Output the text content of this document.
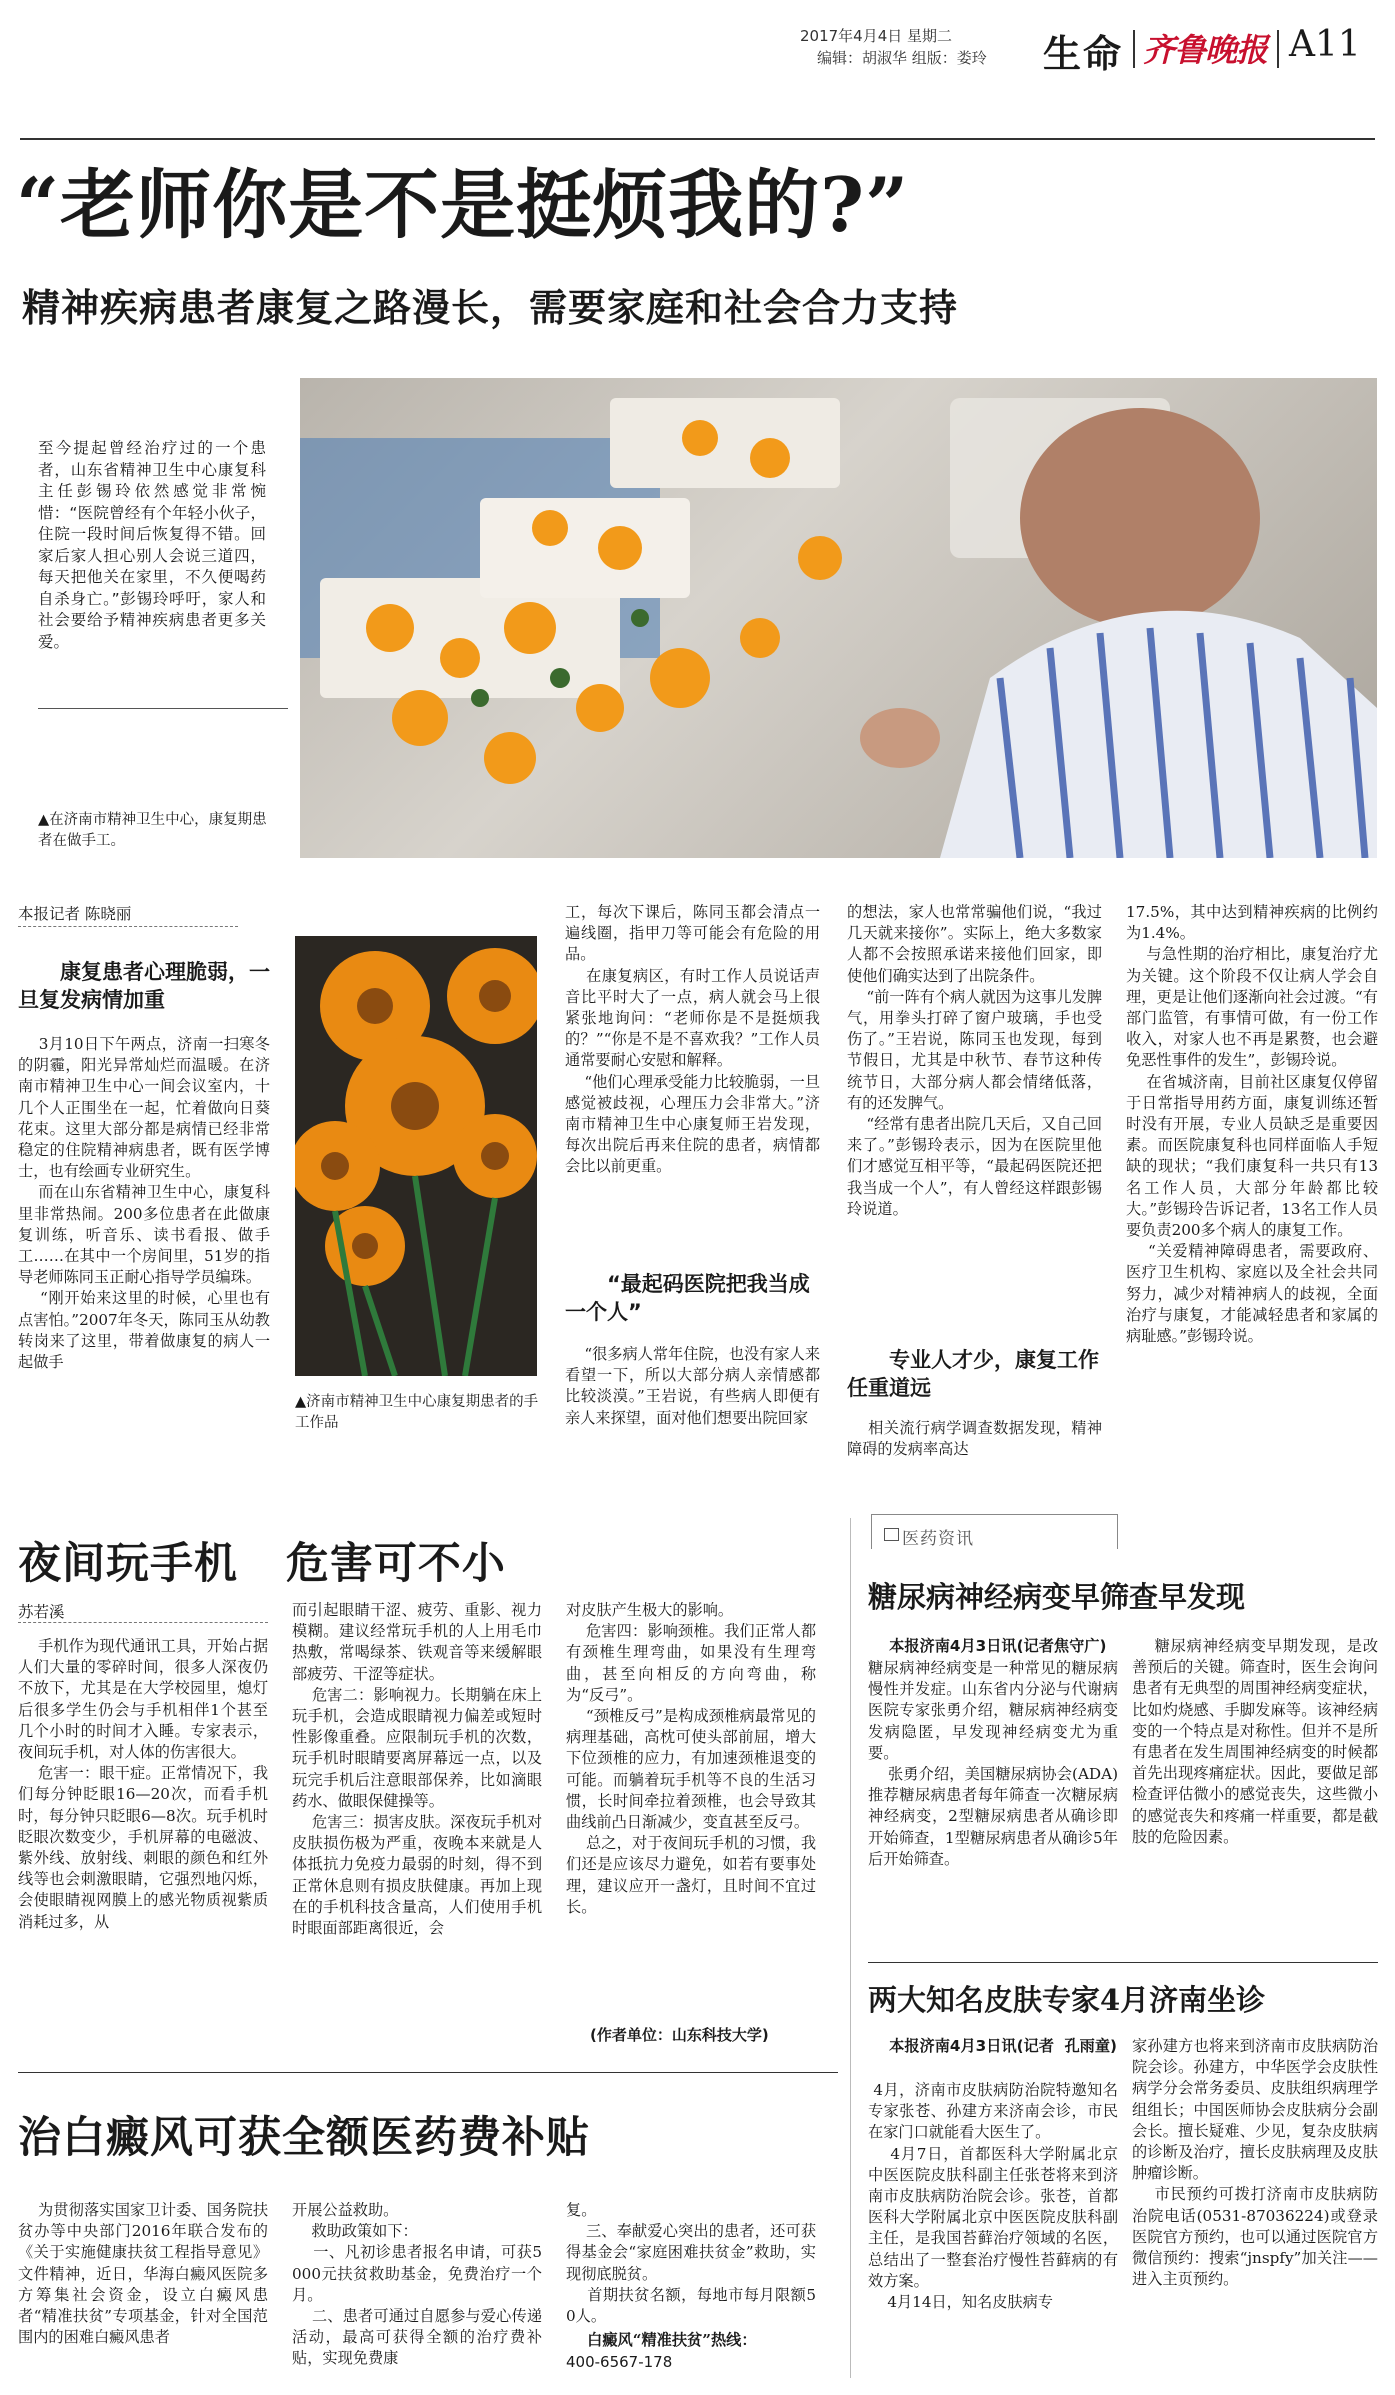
2017年4月4日 星期二
编辑：胡淑华 组版：娄玲 生命 齐鲁晚报 A11
“老师你是不是挺烦我的?”
精神疾病患者康复之路漫长，需要家庭和社会合力支持
至今提起曾经治疗过的一个患者，山东省精神卫生中心康复科主任彭锡玲依然感觉非常惋惜：“医院曾经有个年轻小伙子，住院一段时间后恢复得不错。回家后家人担心别人会说三道四，每天把他关在家里，不久便喝药自杀身亡。”彭锡玲呼吁，家人和社会要给予精神疾病患者更多关爱。
▲在济南市精神卫生中心，康复期患者在做手工。
本报记者 陈晓丽
康复患者心理脆弱，一旦复发病情加重
3月10日下午两点，济南一扫寒冬的阴霾，阳光异常灿烂而温暖。在济南市精神卫生中心一间会议室内，十几个人正围坐在一起，忙着做向日葵花束。这里大部分都是病情已经非常稳定的住院精神病患者，既有医学博士，也有绘画专业研究生。
而在山东省精神卫生中心，康复科里非常热闹。200多位患者在此做康复训练，听音乐、读书看报、做手工……在其中一个房间里，51岁的指导老师陈同玉正耐心指导学员编珠。
“刚开始来这里的时候，心里也有点害怕。”2007年冬天，陈同玉从幼教转岗来了这里，带着做康复的病人一起做手
▲济南市精神卫生中心康复期患者的手工作品
工，每次下课后，陈同玉都会清点一遍线圈，指甲刀等可能会有危险的用品。
在康复病区，有时工作人员说话声音比平时大了一点，病人就会马上很紧张地询问：“老师你是不是挺烦我的？”“你是不是不喜欢我？”工作人员通常要耐心安慰和解释。
“他们心理承受能力比较脆弱，一旦感觉被歧视，心理压力会非常大。”济南市精神卫生中心康复师王岩发现，每次出院后再来住院的患者，病情都会比以前更重。
“最起码医院把我当成一个人”
“很多病人常年住院，也没有家人来看望一下，所以大部分病人亲情感都比较淡漠。”王岩说，有些病人即便有亲人来探望，面对他们想要出院回家
的想法，家人也常常骗他们说，“我过几天就来接你”。实际上，绝大多数家人都不会按照承诺来接他们回家，即使他们确实达到了出院条件。
“前一阵有个病人就因为这事儿发脾气，用拳头打碎了窗户玻璃，手也受伤了。”王岩说，陈同玉也发现，每到节假日，尤其是中秋节、春节这种传统节日，大部分病人都会情绪低落，有的还发脾气。
“经常有患者出院几天后，又自己回来了。”彭锡玲表示，因为在医院里他们才感觉互相平等，“最起码医院还把我当成一个人”，有人曾经这样跟彭锡玲说道。
专业人才少，康复工作任重道远
相关流行病学调查数据发现，精神障碍的发病率高达
17.5%，其中达到精神疾病的比例约为1.4%。
与急性期的治疗相比，康复治疗尤为关键。这个阶段不仅让病人学会自理，更是让他们逐渐向社会过渡。“有部门监管，有事情可做，有一份工作收入，对家人也不再是累赘，也会避免恶性事件的发生”，彭锡玲说。
在省城济南，目前社区康复仅停留于日常指导用药方面，康复训练还暂时没有开展，专业人员缺乏是重要因素。而医院康复科也同样面临人手短缺的现状；“我们康复科一共只有13名工作人员，大部分年龄都比较大。”彭锡玲告诉记者，13名工作人员要负责200多个病人的康复工作。
“关爱精神障碍患者，需要政府、医疗卫生机构、家庭以及全社会共同努力，减少对精神病人的歧视，全面治疗与康复，才能减轻患者和家属的病耻感。”彭锡玲说。
医药资讯
糖尿病神经病变早筛查早发现
本报济南4月3日讯(记者焦守广)
糖尿病神经病变是一种常见的糖尿病慢性并发症。山东省内分泌与代谢病医院专家张勇介绍，糖尿病神经病变发病隐匿，早发现神经病变尤为重要。
张勇介绍，美国糖尿病协会(ADA)推荐糖尿病患者每年筛查一次糖尿病神经病变，2型糖尿病患者从确诊即开始筛查，1型糖尿病患者从确诊5年后开始筛查。
糖尿病神经病变早期发现，是改善预后的关键。筛查时，医生会询问患者有无典型的周围神经病变症状，比如灼烧感、手脚发麻等。该神经病变的一个特点是对称性。但并不是所有患者在发生周围神经病变的时候都首先出现疼痛症状。因此，要做足部检查评估微小的感觉丧失，这些微小的感觉丧失和疼痛一样重要，都是截肢的危险因素。
两大知名皮肤专家4月济南坐诊
本报济南4月3日讯(记者  孔雨童)
4月，济南市皮肤病防治院特邀知名专家张苍、孙建方来济南会诊，市民在家门口就能看大医生了。
4月7日，首都医科大学附属北京中医医院皮肤科副主任张苍将来到济南市皮肤病防治院会诊。张苍，首都医科大学附属北京中医医院皮肤科副主任，是我国苔藓治疗领域的名医，总结出了一整套治疗慢性苔藓病的有效方案。
4月14日，知名皮肤病专
家孙建方也将来到济南市皮肤病防治院会诊。孙建方，中华医学会皮肤性病学分会常务委员、皮肤组织病理学组组长；中国医师协会皮肤病分会副会长。擅长疑难、少见，复杂皮肤病的诊断及治疗，擅长皮肤病理及皮肤肿瘤诊断。
市民预约可拨打济南市皮肤病防治院电话(0531-87036224)或登录医院官方预约，也可以通过医院官方微信预约：搜索“jnspfy”加关注——进入主页预约。
夜间玩手机   危害可不小
苏若溪
手机作为现代通讯工具，开始占据人们大量的零碎时间，很多人深夜仍不放下，尤其是在大学校园里，熄灯后很多学生仍会与手机相伴1个甚至几个小时的时间才入睡。专家表示，夜间玩手机，对人体的伤害很大。
危害一：眼干症。正常情况下，我们每分钟眨眼16—20次，而看手机时，每分钟只眨眼6—8次。玩手机时眨眼次数变少，手机屏幕的电磁波、紫外线、放射线、刺眼的颜色和红外线等也会刺激眼睛，它强烈地闪烁，会使眼睛视网膜上的感光物质视紫质消耗过多，从
而引起眼睛干涩、疲劳、重影、视力模糊。建议经常玩手机的人上用毛巾热敷，常喝绿茶、铁观音等来缓解眼部疲劳、干涩等症状。
危害二：影响视力。长期躺在床上玩手机，会造成眼睛视力偏差或短时性影像重叠。应限制玩手机的次数，玩手机时眼睛要离屏幕远一点，以及玩完手机后注意眼部保养，比如滴眼药水、做眼保健操等。
危害三：损害皮肤。深夜玩手机对皮肤损伤极为严重，夜晚本来就是人体抵抗力免疫力最弱的时刻，得不到正常休息则有损皮肤健康。再加上现在的手机科技含量高，人们使用手机时眼面部距离很近，会
对皮肤产生极大的影响。
危害四：影响颈椎。我们正常人都有颈椎生理弯曲，如果没有生理弯曲，甚至向相反的方向弯曲，称为“反弓”。
“颈椎反弓”是构成颈椎病最常见的病理基础，高枕可使头部前屈，增大下位颈椎的应力，有加速颈椎退变的可能。而躺着玩手机等不良的生活习惯，长时间牵拉着颈椎，也会导致其曲线前凸日渐减少，变直甚至反弓。
总之，对于夜间玩手机的习惯，我们还是应该尽力避免，如若有要事处理，建议应开一盏灯，且时间不宜过长。
(作者单位：山东科技大学)
治白癜风可获全额医药费补贴
为贯彻落实国家卫计委、国务院扶贫办等中央部门2016年联合发布的《关于实施健康扶贫工程指导意见》文件精神，近日，华海白癜风医院多方筹集社会资金，设立白癜风患者“精准扶贫”专项基金，针对全国范围内的困难白癜风患者
开展公益救助。
救助政策如下：
一、凡初诊患者报名申请，可获5000元扶贫救助基金，免费治疗一个月。
二、患者可通过自愿参与爱心传递活动，最高可获得全额的治疗费补贴，实现免费康
复。
三、奉献爱心突出的患者，还可获得基金会“家庭困难扶贫金”救助，实现彻底脱贫。
首期扶贫名额，每地市每月限额50人。
白癜风“精准扶贫”热线：
400-6567-178
